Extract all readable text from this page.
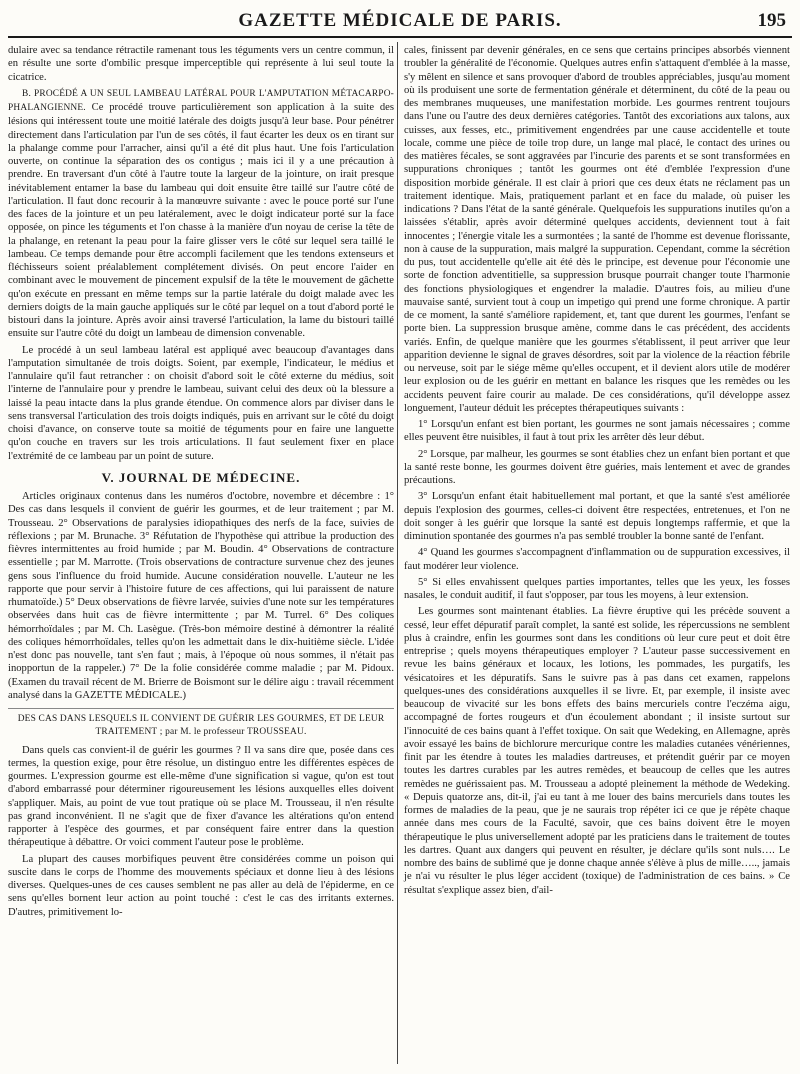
GAZETTE MÉDICALE DE PARIS.	195

dulaire avec sa tendance rétractile ramenant tous les téguments vers un centre commun, il en résulte une sorte d'ombilic presque imperceptible qui représente à lui seul toute la cicatrice.

B. PROCÉDÉ A UN SEUL LAMBEAU LATÉRAL POUR L'AMPUTATION MÉTACARPO-PHALANGIENNE. Ce procédé trouve particulièrement son application à la suite des lésions qui intéressent toute une moitié latérale des doigts jusqu'à leur base. Pour pénétrer directement dans l'articulation par l'un de ses côtés, il faut écarter les deux os en tirant sur la phalange comme pour l'arracher, ainsi qu'il a été dit plus haut. Une fois l'articulation ouverte, on continue la séparation des os contigus ; mais ici il y a une précaution à prendre. En traversant d'un côté à l'autre toute la largeur de la jointure, on irait presque inévitablement entamer la base du lambeau qui doit ensuite être taillé sur l'autre côté de l'articulation. Il faut donc recourir à la manœuvre suivante : avec le pouce porté sur l'une des faces de la jointure et un peu latéralement, avec le doigt indicateur porté sur la face opposée, on pince les téguments et l'on chasse à la manière d'un noyau de cerise la tête de la phalange, en retenant la peau pour la faire glisser vers le côté sur lequel sera taillé le lambeau. Ce temps demande pour être accompli facilement que les tendons extenseurs et fléchisseurs soient préalablement complétement divisés. On peut encore l'aider en combinant avec le mouvement de pincement expulsif de la tête le mouvement de gâchette qu'on exécute en pressant en même temps sur la partie latérale du doigt malade avec les derniers doigts de la main gauche appliqués sur le côté par lequel on a tout d'abord porté le bistouri dans la jointure. Après avoir ainsi traversé l'articulation, la lame du bistouri taillé ensuite sur l'autre côté du doigt un lambeau de dimension convenable.

Le procédé à un seul lambeau latéral est appliqué avec beaucoup d'avantages dans l'amputation simultanée de trois doigts. Soient, par exemple, l'indicateur, le médius et l'annulaire qu'il faut retrancher : on choisit d'abord soit le côté externe du médius, soit l'interne de l'annulaire pour y prendre le lambeau, suivant celui des deux où la blessure a laissé la peau intacte dans la plus grande étendue. On commence alors par diviser dans le sens transversal l'articulation des trois doigts indiqués, puis en arrivant sur le côté du doigt choisi d'avance, on conserve toute sa moitié de téguments pour en faire une languette qu'on couche en travers sur les trois articulations. Il faut seulement fixer en place l'extrémité de ce lambeau par un point de suture.

V. JOURNAL DE MÉDECINE.

Articles originaux contenus dans les numéros d'octobre, novembre et décembre : 1° Des cas dans lesquels il convient de guérir les gourmes, et de leur traitement ; par M. Trousseau. 2° Observations de paralysies idiopathiques des nerfs de la face, suivies de réflexions ; par M. Brunache. 3° Réfutation de l'hypothèse qui attribue la production des fièvres intermittentes au froid humide ; par M. Boudin. 4° Observations de contracture essentielle ; par M. Marrotte. (Trois observations de contracture survenue chez des jeunes gens sous l'influence du froid humide. Aucune considération nouvelle. L'auteur ne les rapporte que pour servir à l'histoire future de ces affections, qui lui paraissent de nature rhumatoïde.) 5° Deux observations de fièvre larvée, suivies d'une note sur les températures observées dans huit cas de fièvre intermittente ; par M. Turrel. 6° Des coliques hémorrhoïdales ; par M. Ch. Lasègue. (Très-bon mémoire destiné à démontrer la réalité des coliques hémorrhoïdales, telles qu'on les admettait dans le dix-huitième siècle. L'idée n'est donc pas nouvelle, tant s'en faut ; mais, à l'époque où nous sommes, il n'était pas inopportun de la rappeler.) 7° De la folie considérée comme maladie ; par M. Pidoux. (Examen du travail récent de M. Brierre de Boismont sur le délire aigu : travail récemment analysé dans la GAZETTE MÉDICALE.)

DES CAS DANS LESQUELS IL CONVIENT DE GUÉRIR LES GOURMES, ET DE LEUR TRAITEMENT ; par M. le professeur TROUSSEAU.

Dans quels cas convient-il de guérir les gourmes ? Il va sans dire que, posée dans ces termes, la question exige, pour être résolue, un distinguo entre les différentes espèces de gourmes. L'expression gourme est elle-même d'une signification si vague, qu'on est tout d'abord embarrassé pour déterminer rigoureusement les lésions auxquelles elles doivent s'appliquer. Mais, au point de vue tout pratique où se place M. Trousseau, il n'en résulte pas grand inconvénient. Il ne s'agit que de fixer d'avance les altérations qu'on entend rapporter à l'espèce des gourmes, et par conséquent faire entrer dans la question thérapeutique à débattre. Or voici comment l'auteur pose le problème.

La plupart des causes morbifiques peuvent être considérées comme un poison qui suscite dans le corps de l'homme des mouvements spéciaux et donne lieu à des lésions diverses. Quelques-unes de ces causes semblent ne pas aller au delà de l'épiderme, en ce sens qu'elles bornent leur action au point touché : c'est le cas des irritants externes. D'autres, primitivement lo-

cales, finissent par devenir générales, en ce sens que certains principes absorbés viennent troubler la généralité de l'économie. Quelques autres enfin s'attaquent d'emblée à la masse, s'y mêlent en silence et sans provoquer d'abord de troubles appréciables, jusqu'au moment où ils produisent une sorte de fermentation générale et déterminent, du côté de la peau ou des membranes muqueuses, une manifestation morbide. Les gourmes rentrent toujours dans l'une ou l'autre des deux dernières catégories. Tantôt des excoriations aux talons, aux cuisses, aux fesses, etc., primitivement engendrées par une cause accidentelle et toute locale, comme une pièce de toile trop dure, un lange mal placé, le contact des urines ou des matières fécales, se sont aggravées par l'incurie des parents et se sont transformées en suppurations chroniques ; tantôt les gourmes ont été d'emblée l'expression d'une disposition morbide générale. Il est clair à priori que ces deux états ne réclament pas un traitement identique. Mais, pratiquement parlant et en face du malade, où puiser les indications ? Dans l'état de la santé générale. Quelquefois les suppurations inutiles qu'on a laissées s'établir, après avoir déterminé quelques accidents, deviennent tout à fait innocentes ; l'énergie vitale les a surmontées ; la santé de l'homme est devenue florissante, non à cause de la suppuration, mais malgré la suppuration. Cependant, comme la sécrétion du pus, tout accidentelle qu'elle ait été dès le principe, est devenue pour l'économie une sorte de fonction adventitielle, sa suppression brusque pourrait changer toute l'harmonie des fonctions physiologiques et engendrer la maladie. D'autres fois, au milieu d'une mauvaise santé, survient tout à coup un impetigo qui prend une forme chronique. A partir de ce moment, la santé s'améliore rapidement, et, tant que durent les gourmes, l'enfant se porte bien. La suppression brusque amène, comme dans le cas précédent, des accidents variés. Enfin, de quelque manière que les gourmes s'établissent, il peut arriver que leur apparition devienne le signal de graves désordres, soit par la violence de la réaction fébrile ou nerveuse, soit par le siége même qu'elles occupent, et il devient alors utile de modérer leur explosion ou de les guérir en mettant en balance les risques que les remèdes ou les accidents peuvent faire courir au malade. De ces considérations, qu'il développe assez longuement, l'auteur déduit les préceptes thérapeutiques suivants :

1° Lorsqu'un enfant est bien portant, les gourmes ne sont jamais nécessaires ; comme elles peuvent être nuisibles, il faut à tout prix les arrêter dès leur début.

2° Lorsque, par malheur, les gourmes se sont établies chez un enfant bien portant et que la santé reste bonne, les gourmes doivent être guéries, mais lentement et avec de grandes précautions.

3° Lorsqu'un enfant était habituellement mal portant, et que la santé s'est améliorée depuis l'explosion des gourmes, celles-ci doivent être respectées, entretenues, et l'on ne doit songer à les guérir que lorsque la santé est depuis longtemps raffermie, et que la diminution spontanée des gourmes n'a pas semblé troubler la bonne santé de l'enfant.

4° Quand les gourmes s'accompagnent d'inflammation ou de suppuration excessives, il faut modérer leur violence.

5° Si elles envahissent quelques parties importantes, telles que les yeux, les fosses nasales, le conduit auditif, il faut s'opposer, par tous les moyens, à leur extension.

Les gourmes sont maintenant établies. La fièvre éruptive qui les précède souvent a cessé, leur effet dépuratif paraît complet, la santé est solide, les répercussions ne semblent plus à craindre, enfin les gourmes sont dans les conditions où leur cure peut et doit être entreprise ; quels moyens thérapeutiques employer ? L'auteur passe successivement en revue les bains généraux et locaux, les lotions, les pommades, les purgatifs, les vésicatoires et les dépuratifs. Sans le suivre pas à pas dans cet examen, rappelons quelques-unes des considérations auxquelles il se livre. Et, par exemple, il insiste avec beaucoup de vivacité sur les bons effets des bains mercuriels contre l'eczéma aigu, accompagné de fortes rougeurs et d'un écoulement abondant ; il insiste surtout sur l'innocuité de ces bains quant à l'effet toxique. On sait que Wedeking, en Allemagne, après avoir essayé les bains de bichlorure mercurique contre les maladies cutanées vénériennes, finit par les étendre à toutes les maladies dartreuses, et prétendit guérir par ce moyen toutes les dartres curables par les autres remèdes, et beaucoup de celles que les autres remèdes ne guérissaient pas. M. Trousseau a adopté pleinement la méthode de Wedeking. « Depuis quatorze ans, dit-il, j'ai eu tant à me louer des bains mercuriels dans toutes les formes de maladies de la peau, que je ne saurais trop répéter ici ce que je répète chaque année dans mes cours de la Faculté, savoir, que ces bains doivent être le moyen thérapeutique le plus universellement adopté par les praticiens dans le traitement de toutes les dartres. Quant aux dangers qui peuvent en résulter, je déclare qu'ils sont nuls…. Le nombre des bains de sublimé que je donne chaque année s'élève à plus de mille….., jamais je n'ai vu résulter le plus léger accident (toxique) de l'administration de ces bains. » Ce résultat s'explique assez bien, d'ail-
